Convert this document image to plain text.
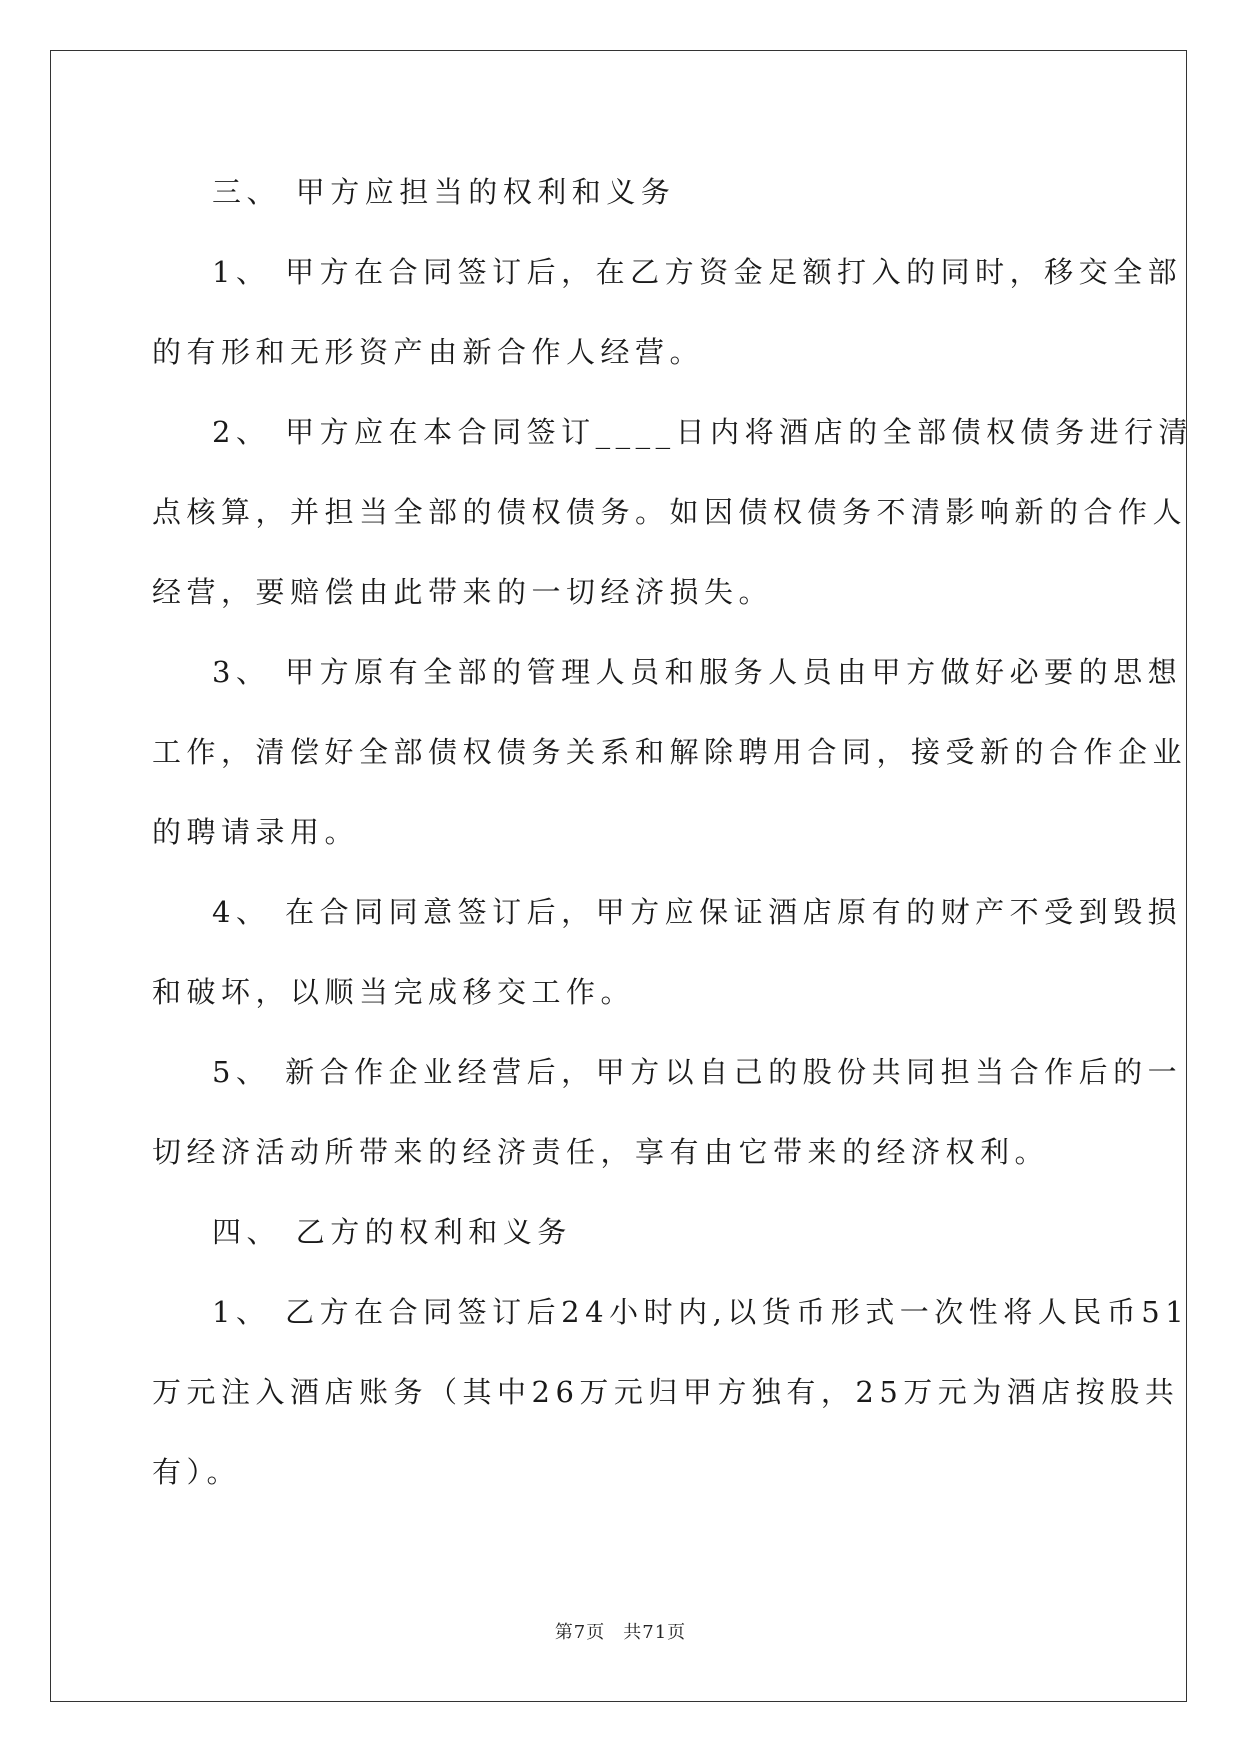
三、 甲方应担当的权利和义务
1、 甲方在合同签订后，在乙方资金足额打入的同时，移交全部
的有形和无形资产由新合作人经营。
2、 甲方应在本合同签订____日内将酒店的全部债权债务进行清
点核算，并担当全部的债权债务。如因债权债务不清影响新的合作人
经营，要赔偿由此带来的一切经济损失。
3、 甲方原有全部的管理人员和服务人员由甲方做好必要的思想
工作，清偿好全部债权债务关系和解除聘用合同，接受新的合作企业
的聘请录用。
4、 在合同同意签订后，甲方应保证酒店原有的财产不受到毁损
和破坏，以顺当完成移交工作。
5、 新合作企业经营后，甲方以自己的股份共同担当合作后的一
切经济活动所带来的经济责任，享有由它带来的经济权利。
四、 乙方的权利和义务
1、 乙方在合同签订后24小时内,以货币形式一次性将人民币51
万元注入酒店账务（其中26万元归甲方独有，25万元为酒店按股共
有）。
第7页 共71页
